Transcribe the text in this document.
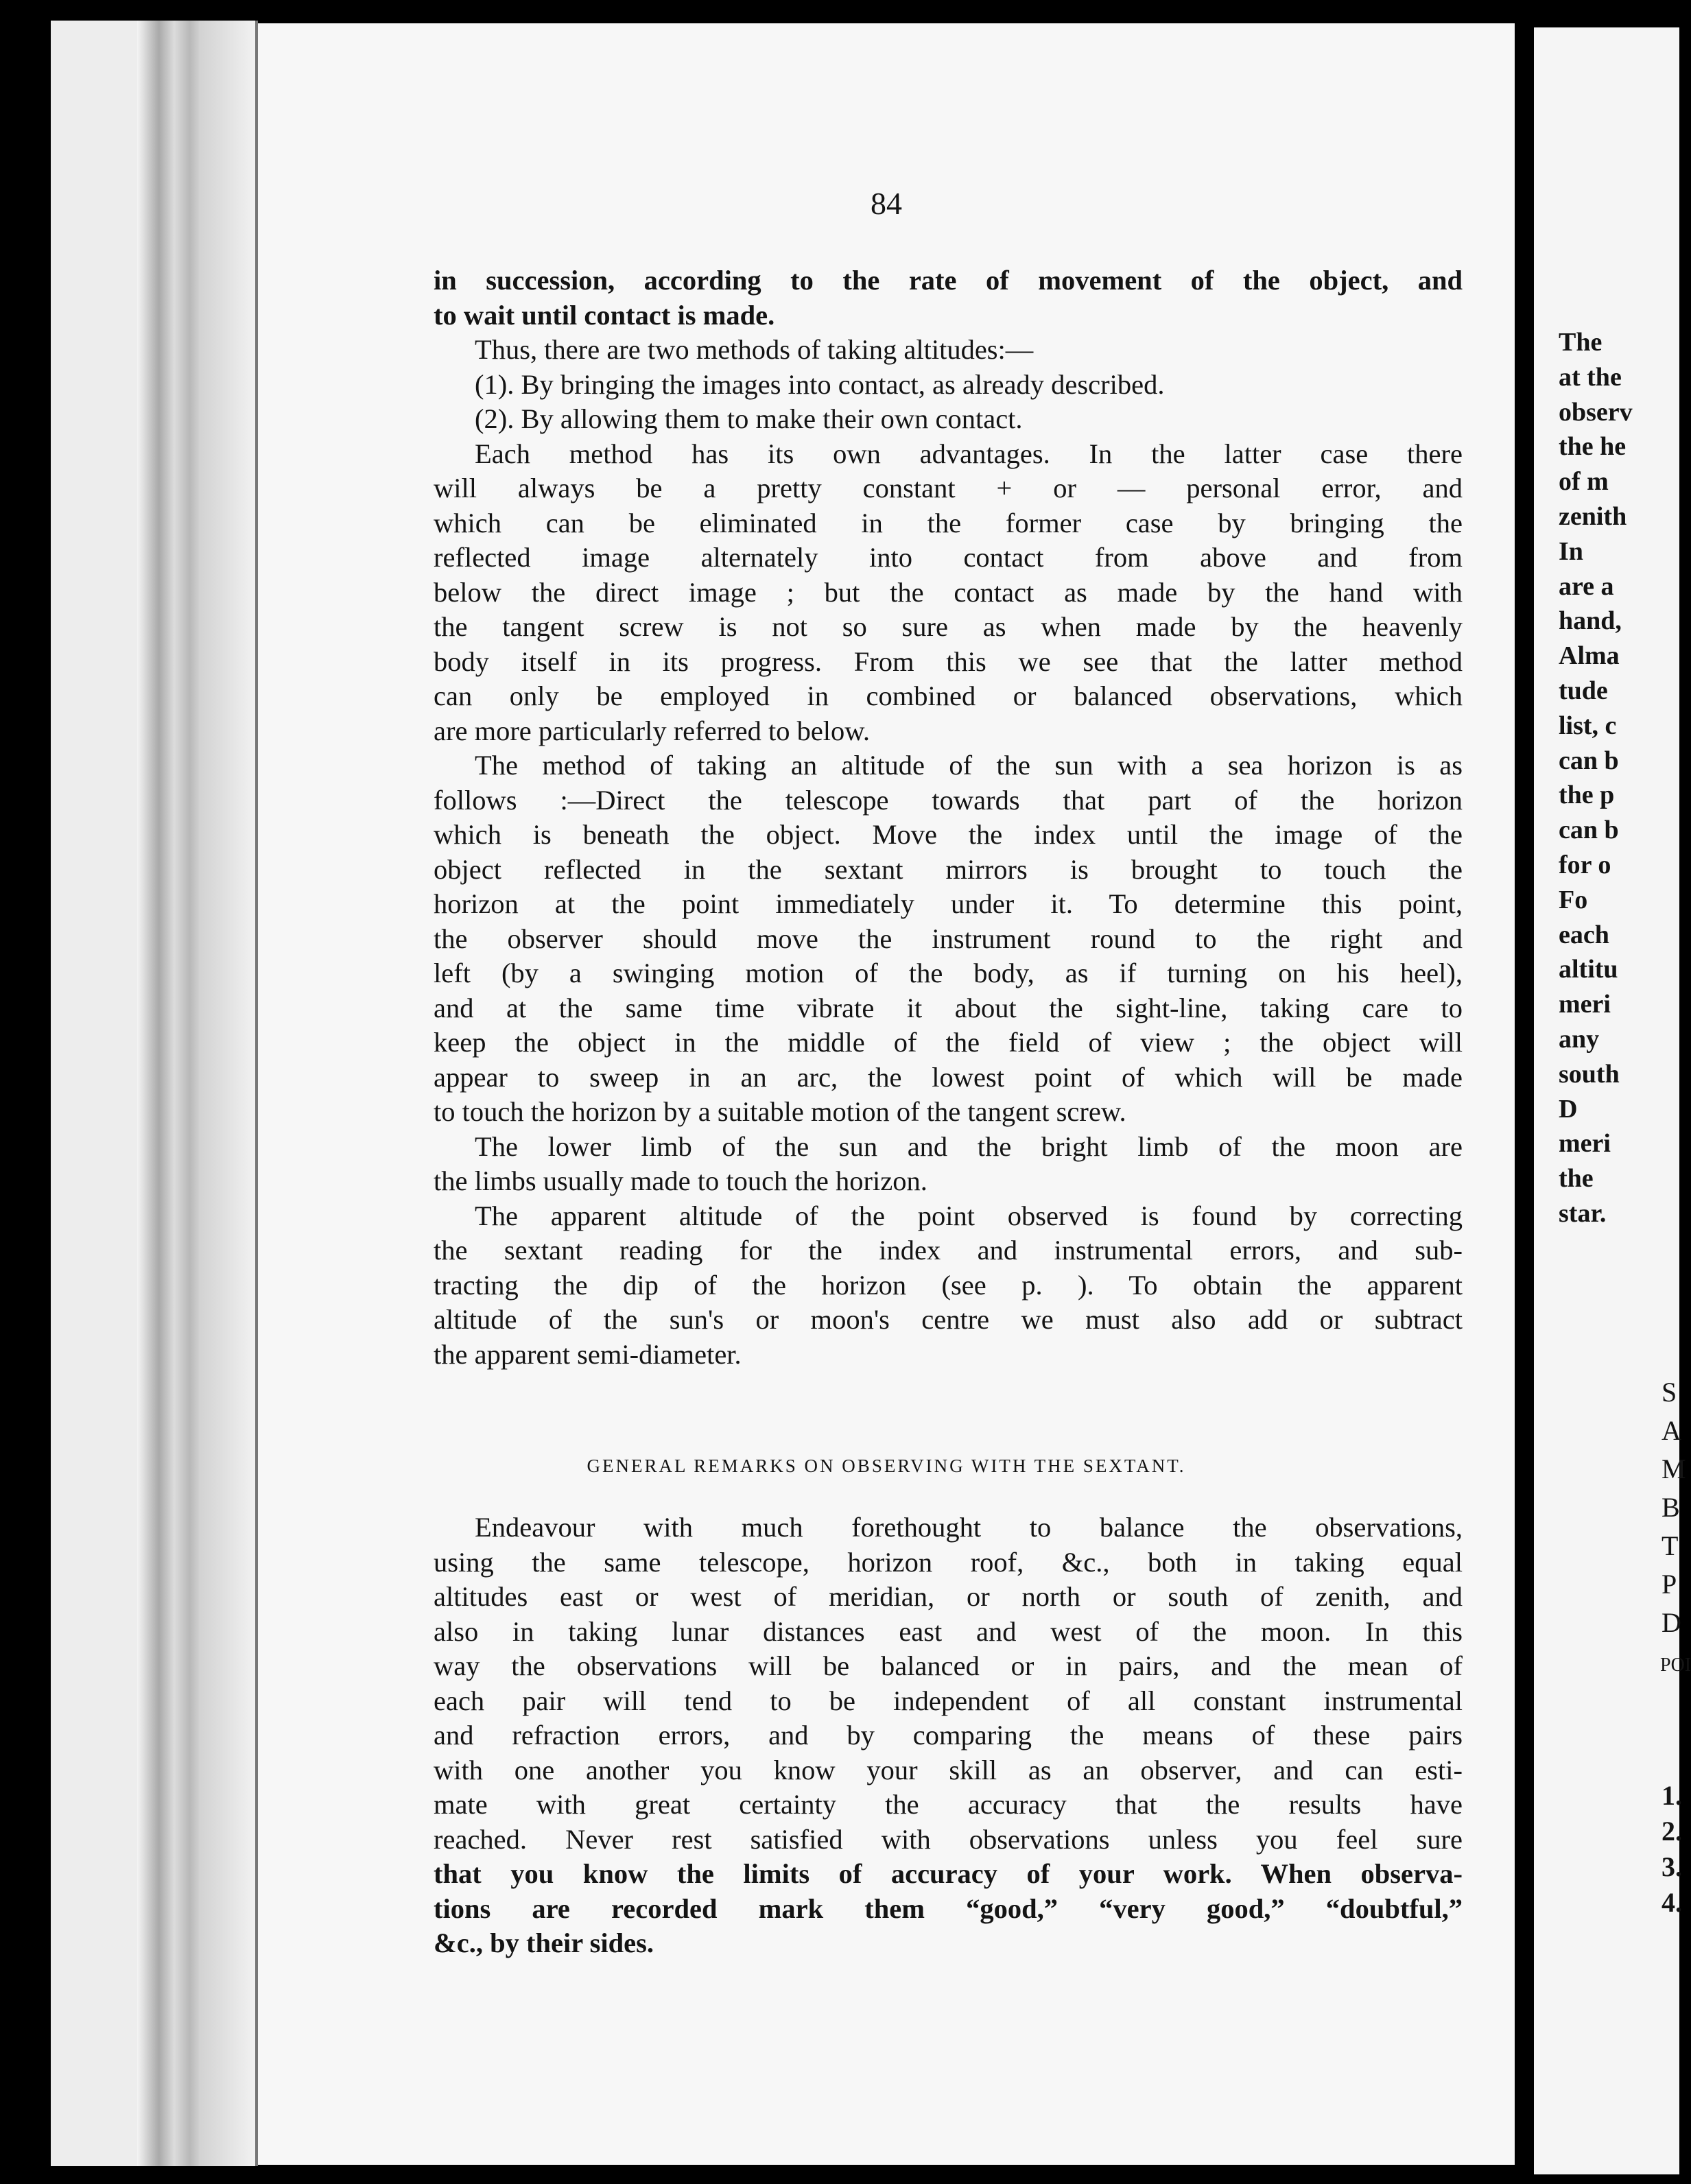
84
in succession, according to the rate of movement of the object, and
to wait until contact is made.
Thus, there are two methods of taking altitudes:—
(1). By bringing the images into contact, as already described.
(2). By allowing them to make their own contact.
Each method has its own advantages. In the latter case there
will always be a pretty constant + or — personal error, and
which can be eliminated in the former case by bringing the
reflected image alternately into contact from above and from
below the direct image ; but the contact as made by the hand with
the tangent screw is not so sure as when made by the heavenly
body itself in its progress. From this we see that the latter method
can only be employed in combined or balanced observations, which
are more particularly referred to below.
The method of taking an altitude of the sun with a sea horizon is as
follows :—Direct the telescope towards that part of the horizon
which is beneath the object. Move the index until the image of the
object reflected in the sextant mirrors is brought to touch the
horizon at the point immediately under it. To determine this point,
the observer should move the instrument round to the right and
left (by a swinging motion of the body, as if turning on his heel),
and at the same time vibrate it about the sight-line, taking care to
keep the object in the middle of the field of view ; the object will
appear to sweep in an arc, the lowest point of which will be made
to touch the horizon by a suitable motion of the tangent screw.
The lower limb of the sun and the bright limb of the moon are
the limbs usually made to touch the horizon.
The apparent altitude of the point observed is found by correcting
the sextant reading for the index and instrumental errors, and sub-
tracting the dip of the horizon (see p. ). To obtain the apparent
altitude of the sun's or moon's centre we must also add or subtract
the apparent semi-diameter.
GENERAL REMARKS ON OBSERVING WITH THE SEXTANT.
Endeavour with much forethought to balance the observations,
using the same telescope, horizon roof, &c., both in taking equal
altitudes east or west of meridian, or north or south of zenith, and
also in taking lunar distances east and west of the moon. In this
way the observations will be balanced or in pairs, and the mean of
each pair will tend to be independent of all constant instrumental
and refraction errors, and by comparing the means of these pairs
with one another you know your skill as an observer, and can esti-
mate with great certainty the accuracy that the results have
reached. Never rest satisfied with observations unless you feel sure
that you know the limits of accuracy of your work. When observa-
tions are recorded mark them “good,” “very good,” “doubtful,”
&c., by their sides.
The
at the
observ
the he
of m
zenith
In
are a
hand,
Alma
tude
list, c
can b
the p
can b
for o
Fo
each
altitu
meri
any
south
D
meri
the
star.
S
A
M
B
T
P
D
POI
1.
2.
3.
4.
